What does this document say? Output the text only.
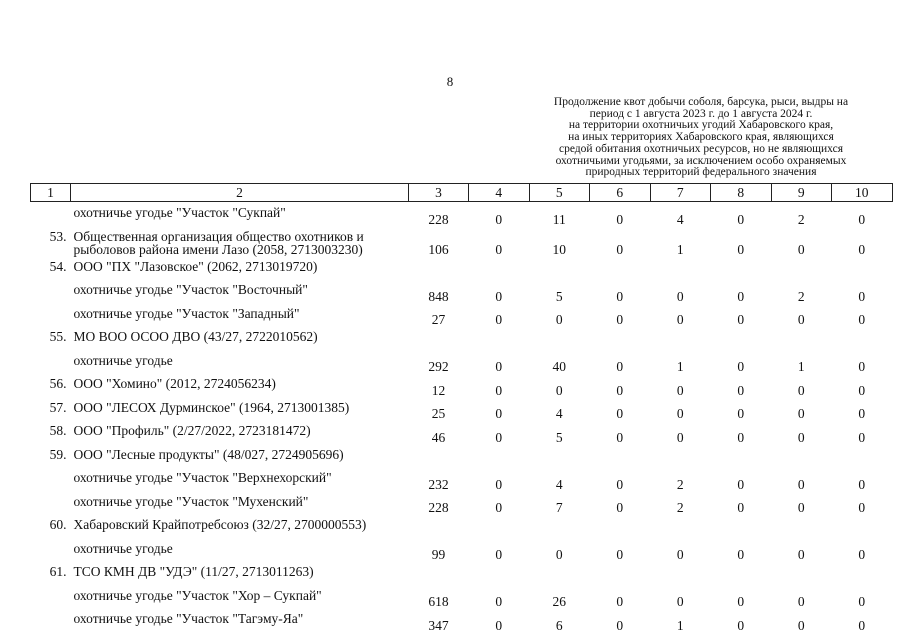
8
Продолжение квот добычи соболя, барсука, рыси, выдры на
период с 1 августа 2023 г. до 1 августа 2024 г.
на территории охотничьих угодий Хабаровского края,
на иных территориях Хабаровского края, являющихся
средой обитания охотничьих ресурсов, но не являющихся
охотничьими угодьями, за исключением особо охраняемых
природных территорий федерального значения
1	2	3	4	5	6	7	8	9	10
	охотничье угодье "Участок "Сукпай"	228	0	11	0	4	0	2	0
53.	Общественная организация общество охотников и рыболовов района имени Лазо (2058, 2713003230)	106	0	10	0	1	0	0	0
54.	ООО "ПХ "Лазовское" (2062, 2713019720)								
	охотничье угодье "Участок "Восточный"	848	0	5	0	0	0	2	0
	охотничье угодье "Участок "Западный"	27	0	0	0	0	0	0	0
55.	МО ВОО ОСОО ДВО (43/27, 2722010562)								
	охотничье угодье	292	0	40	0	1	0	1	0
56.	ООО "Хомино" (2012, 2724056234)	12	0	0	0	0	0	0	0
57.	ООО "ЛЕСОХ Дурминское" (1964, 2713001385)	25	0	4	0	0	0	0	0
58.	ООО "Профиль" (2/27/2022, 2723181472)	46	0	5	0	0	0	0	0
59.	ООО "Лесные продукты" (48/027, 2724905696)								
	охотничье угодье "Участок "Верхнехорский"	232	0	4	0	2	0	0	0
	охотничье угодье "Участок "Мухенский"	228	0	7	0	2	0	0	0
60.	Хабаровский Крайпотребсоюз (32/27, 2700000553)								
	охотничье угодье	99	0	0	0	0	0	0	0
61.	ТСО КМН ДВ "УДЭ" (11/27, 2713011263)								
	охотничье угодье "Участок "Хор – Сукпай"	618	0	26	0	0	0	0	0
	охотничье угодье "Участок "Тагэму-Яа"	347	0	6	0	1	0	0	0
